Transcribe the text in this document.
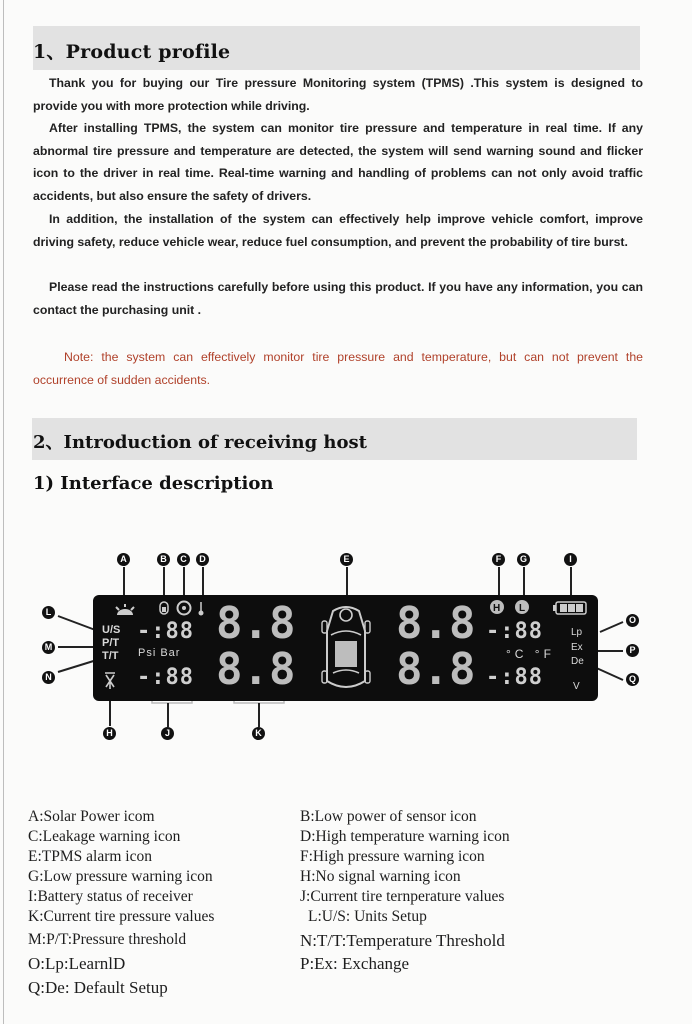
1、Product profile
Thank you for buying our Tire pressure Monitoring system (TPMS) .This system is designed to provide you with more protection while driving.
After installing TPMS, the system can monitor tire pressure and temperature in real time. If any abnormal tire pressure and temperature are detected, the system will send warning sound and flicker icon to the driver in real time. Real-time warning and handling of problems can not only avoid traffic accidents, but also ensure the safety of drivers.
In addition, the installation of the system can effectively help improve vehicle comfort, improve driving safety, reduce vehicle wear, reduce fuel consumption, and prevent the probability of tire burst.
Please read the instructions carefully before using this product. If you have any information, you can contact the purchasing unit .
Note: the system can effectively monitor tire pressure and temperature, but can not prevent the occurrence of sudden accidents.
2、Introduction of receiving host
1) Interface description
A	B	C	D	E	F	G	I
L
M
N
O
P
Q
H	J	K
U/S
P/T
T/T
-:88
Psi Bar
-:88
8.8
8.8
8.8
8.8
H L
-:88
°C °F
-:88
Lp
Ex
De
V
A:Solar Power icom	B:Low power of sensor icon
C:Leakage warning icon	D:High temperature warning icon
E:TPMS alarm icon	F:High pressure warning icon
G:Low pressure warning icon	H:No signal warning icon
I:Battery status of receiver	J:Current tire ternperature values
K:Current tire pressure values	L:U/S: Units Setup
M:P/T:Pressure threshold	N:T/T:Temperature Threshold
O:Lp:LearnlD	P:Ex: Exchange
Q:De: Default Setup
